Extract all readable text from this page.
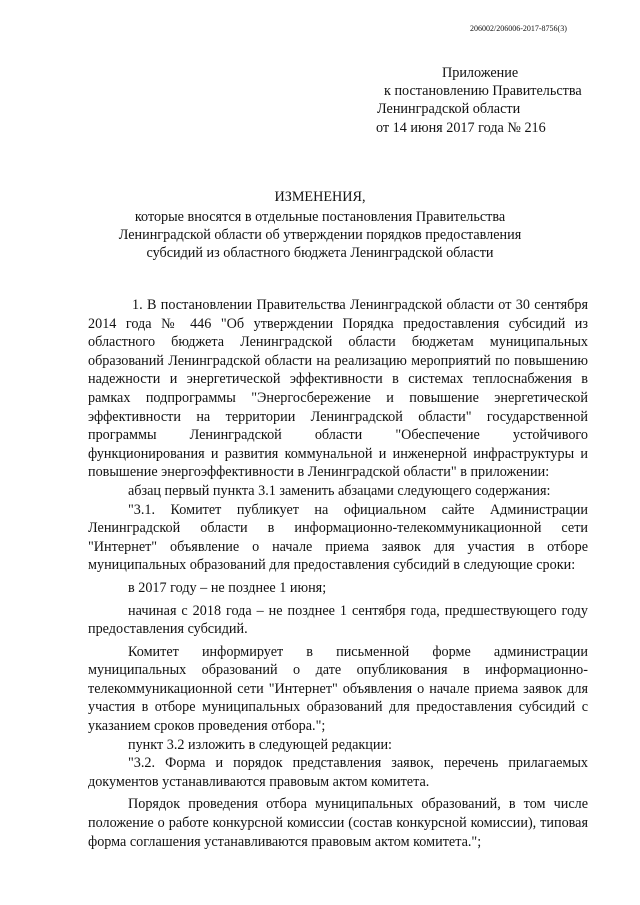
206002/206006-2017-8756(3)
Приложение
к постановлению Правительства
Ленинградской области
от 14 июня 2017 года № 216
ИЗМЕНЕНИЯ,
которые вносятся в отдельные постановления Правительства Ленинградской области об утверждении порядков предоставления субсидий из областного бюджета Ленинградской области

1. В постановлении Правительства Ленинградской области от 30 сентября 2014 года № 446 "Об утверждении Порядка предоставления субсидий из областного бюджета Ленинградской области бюджетам муниципальных образований Ленинградской области на реализацию мероприятий по повышению надежности и энергетической эффективности в системах теплоснабжения в рамках подпрограммы "Энергосбережение и повышение энергетической эффективности на территории Ленинградской области" государственной программы Ленинградской области "Обеспечение устойчивого функционирования и развития коммунальной и инженерной инфраструктуры и повышение энергоэффективности в Ленинградской области" в приложении:

абзац первый пункта 3.1 заменить абзацами следующего содержания:

"3.1. Комитет публикует на официальном сайте Администрации Ленинградской области в информационно-телекоммуникационной сети "Интернет" объявление о начале приема заявок для участия в отборе муниципальных образований для предоставления субсидий в следующие сроки:

в 2017 году – не позднее 1 июня;

начиная с 2018 года – не позднее 1 сентября года, предшествующего году предоставления субсидий.

Комитет информирует в письменной форме администрации муниципальных образований о дате опубликования в информационно-телекоммуникационной сети "Интернет" объявления о начале приема заявок для участия в отборе муниципальных образований для предоставления субсидий с указанием сроков проведения отбора.";

пункт 3.2 изложить в следующей редакции:

"3.2. Форма и порядок представления заявок, перечень прилагаемых документов устанавливаются правовым актом комитета.

Порядок проведения отбора муниципальных образований, в том числе положение о работе конкурсной комиссии (состав конкурсной комиссии), типовая форма соглашения устанавливаются правовым актом комитета.";
